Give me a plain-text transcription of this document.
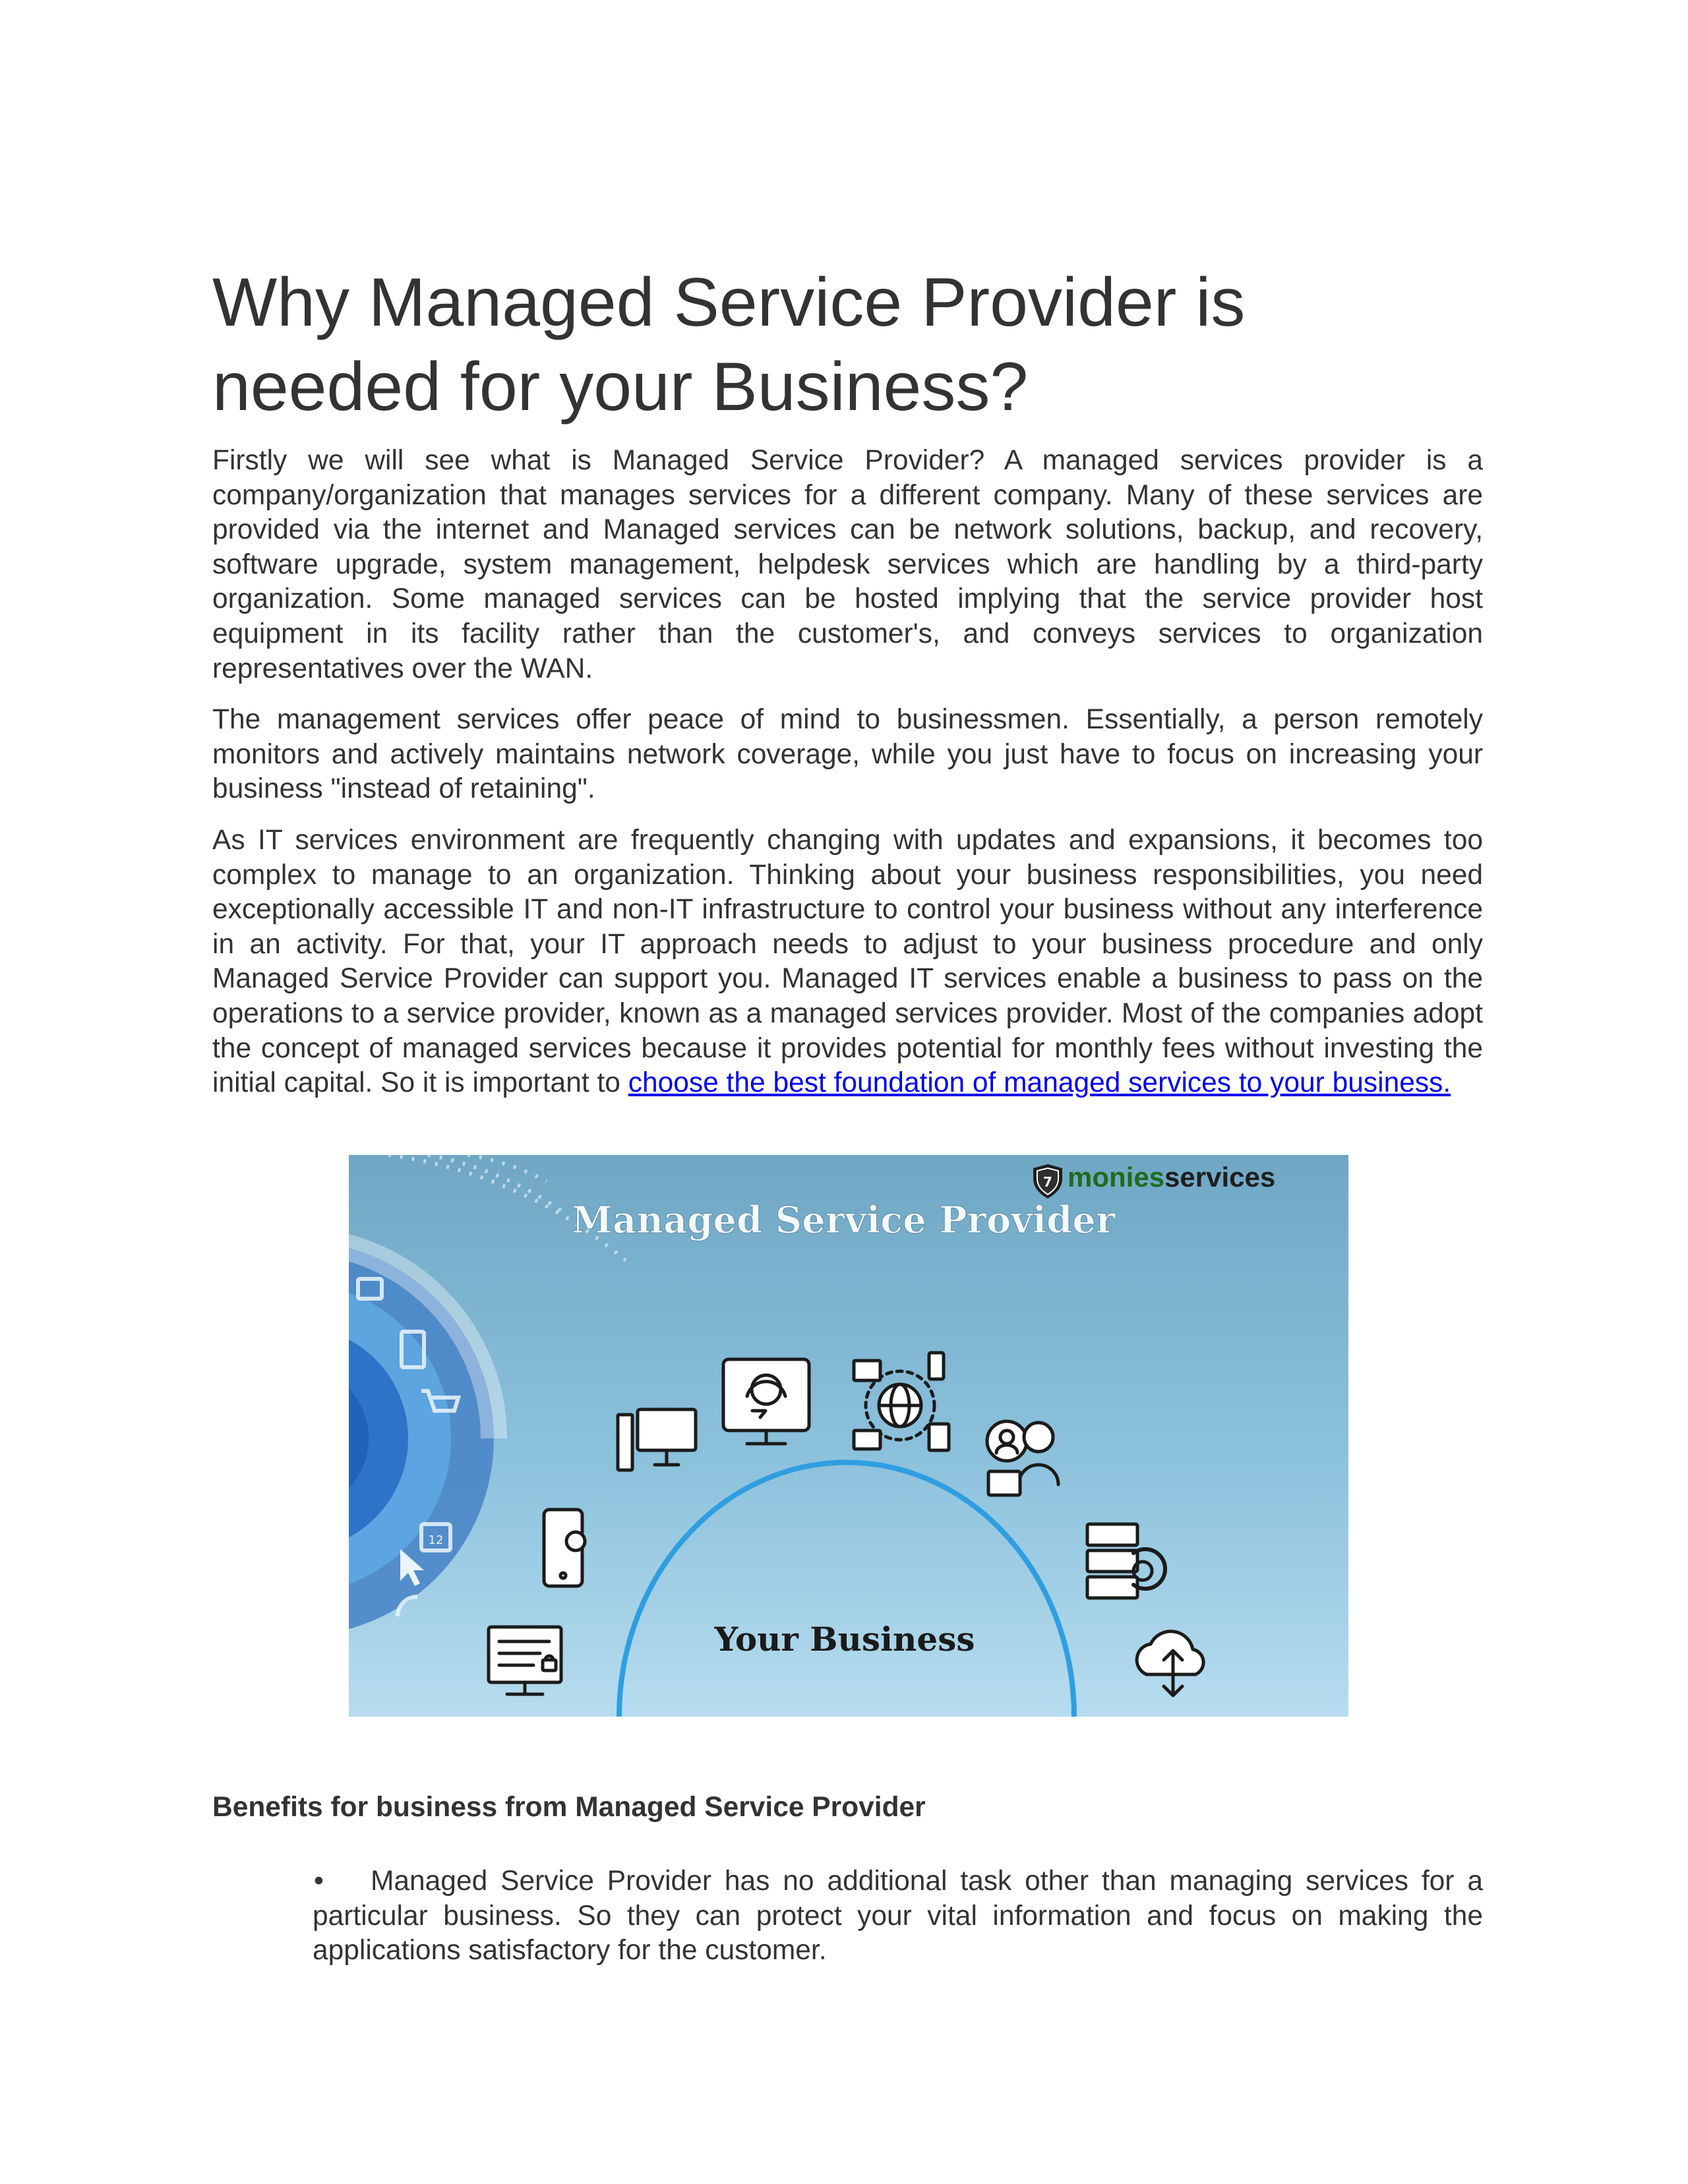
Why Managed Service Provider is needed for your Business?

Firstly we will see what is Managed Service Provider? A managed services provider is a company/organization that manages services for a different company. Many of these services are provided via the internet and Managed services can be network solutions, backup, and recovery, software upgrade, system management, helpdesk services which are handling by a third-party organization. Some managed services can be hosted implying that the service provider host equipment in its facility rather than the customer's, and conveys services to organization representatives over the WAN.

The management services offer peace of mind to businessmen. Essentially, a person remotely monitors and actively maintains network coverage, while you just have to focus on increasing your business "instead of retaining".

As IT services environment are frequently changing with updates and expansions, it becomes too complex to manage to an organization. Thinking about your business responsibilities, you need exceptionally accessible IT and non-IT infrastructure to control your business without any interference in an activity. For that, your IT approach needs to adjust to your business procedure and only Managed Service Provider can support you. Managed IT services enable a business to pass on the operations to a service provider, known as a managed services provider. Most of the companies adopt the concept of managed services because it provides potential for monthly fees without investing the initial capital. So it is important to choose the best foundation of managed services to your business.

12
7 moniesservices
Managed Service Provider
Your Business
Benefits for business from Managed Service Provider
• Managed Service Provider has no additional task other than managing services for a particular business. So they can protect your vital information and focus on making the applications satisfactory for the customer.
